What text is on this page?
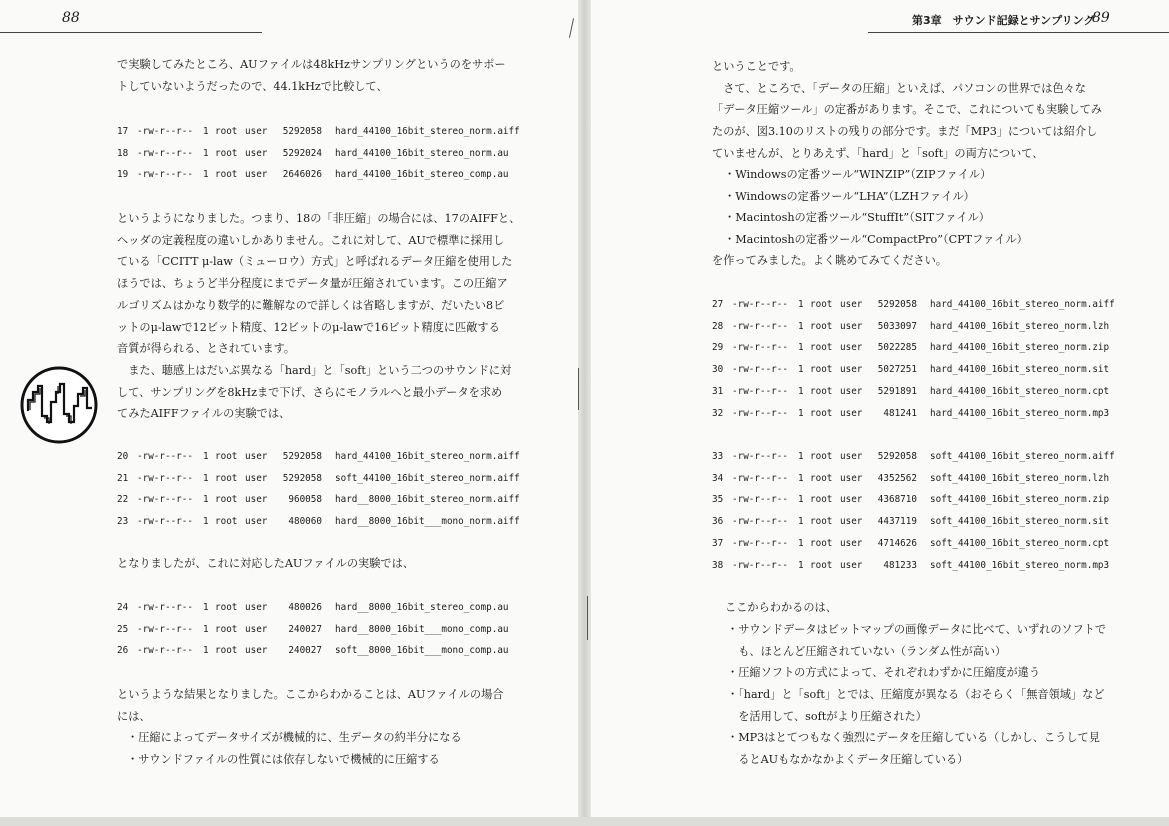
88
で実験してみたところ、AUファイルは48kHzサンプリングというのをサポー
トしていないようだったので、44.1kHzで比較して、
17 -rw-r--r-- 1 root user 5292058 hard_44100_16bit_stereo_norm.aiff
18 -rw-r--r-- 1 root user 5292024 hard_44100_16bit_stereo_norm.au
19 -rw-r--r-- 1 root user 2646026 hard_44100_16bit_stereo_comp.au
というようになりました。つまり、18の「非圧縮」の場合には、17のAIFFと、
ヘッダの定義程度の違いしかありません。これに対して、AUで標準に採用し
ている「CCITT μ-law（ミューロウ）方式」と呼ばれるデータ圧縮を使用した
ほうでは、ちょうど半分程度にまでデータ量が圧縮されています。この圧縮ア
ルゴリズムはかなり数学的に難解なので詳しくは省略しますが、だいたい8ビ
ットのμ-lawで12ビット精度、12ビットのμ-lawで16ビット精度に匹敵する
音質が得られる、とされています。
　また、聴感上はだいぶ異なる「hard」と「soft」という二つのサウンドに対
して、サンプリングを8kHzまで下げ、さらにモノラルへと最小データを求め
てみたAIFFファイルの実験では、
20 -rw-r--r-- 1 root user 5292058 hard_44100_16bit_stereo_norm.aiff
21 -rw-r--r-- 1 root user 5292058 soft_44100_16bit_stereo_norm.aiff
22 -rw-r--r-- 1 root user 960058 hard__8000_16bit_stereo_norm.aiff
23 -rw-r--r-- 1 root user 480060 hard__8000_16bit___mono_norm.aiff
となりましたが、これに対応したAUファイルの実験では、
24 -rw-r--r-- 1 root user 480026 hard__8000_16bit_stereo_comp.au
25 -rw-r--r-- 1 root user 240027 hard__8000_16bit___mono_comp.au
26 -rw-r--r-- 1 root user 240027 soft__8000_16bit___mono_comp.au
というような結果となりました。ここからわかることは、AUファイルの場合
には、
・圧縮によってデータサイズが機械的に、生データの約半分になる
・サウンドファイルの性質には依存しないで機械的に圧縮する
第3章　サウンド記録とサンプリング
89
ということです。
　さて、ところで、「データの圧縮」といえば、パソコンの世界では色々な
「データ圧縮ツール」の定番があります。そこで、これについても実験してみ
たのが、図3.10のリストの残りの部分です。まだ「MP3」については紹介し
ていませんが、とりあえず、「hard」と「soft」の両方について、
・Windowsの定番ツール“WINZIP”（ZIPファイル）
・Windowsの定番ツール“LHA”（LZHファイル）
・Macintoshの定番ツール“StuffIt”（SITファイル）
・Macintoshの定番ツール“CompactPro”（CPTファイル）
を作ってみました。よく眺めてみてください。
27 -rw-r--r-- 1 root user 5292058 hard_44100_16bit_stereo_norm.aiff
28 -rw-r--r-- 1 root user 5033097 hard_44100_16bit_stereo_norm.lzh
29 -rw-r--r-- 1 root user 5022285 hard_44100_16bit_stereo_norm.zip
30 -rw-r--r-- 1 root user 5027251 hard_44100_16bit_stereo_norm.sit
31 -rw-r--r-- 1 root user 5291891 hard_44100_16bit_stereo_norm.cpt
32 -rw-r--r-- 1 root user 481241 hard_44100_16bit_stereo_norm.mp3
33 -rw-r--r-- 1 root user 5292058 soft_44100_16bit_stereo_norm.aiff
34 -rw-r--r-- 1 root user 4352562 soft_44100_16bit_stereo_norm.lzh
35 -rw-r--r-- 1 root user 4368710 soft_44100_16bit_stereo_norm.zip
36 -rw-r--r-- 1 root user 4437119 soft_44100_16bit_stereo_norm.sit
37 -rw-r--r-- 1 root user 4714626 soft_44100_16bit_stereo_norm.cpt
38 -rw-r--r-- 1 root user 481233 soft_44100_16bit_stereo_norm.mp3
ここからわかるのは、
・サウンドデータはビットマップの画像データに比べて、いずれのソフトで
　も、ほとんど圧縮されていない（ランダム性が高い）
・圧縮ソフトの方式によって、それぞれわずかに圧縮度が違う
・「hard」と「soft」とでは、圧縮度が異なる（おそらく「無音領域」など
　を活用して、softがより圧縮された）
・MP3はとてつもなく強烈にデータを圧縮している（しかし、こうして見
　るとAUもなかなかよくデータ圧縮している）
